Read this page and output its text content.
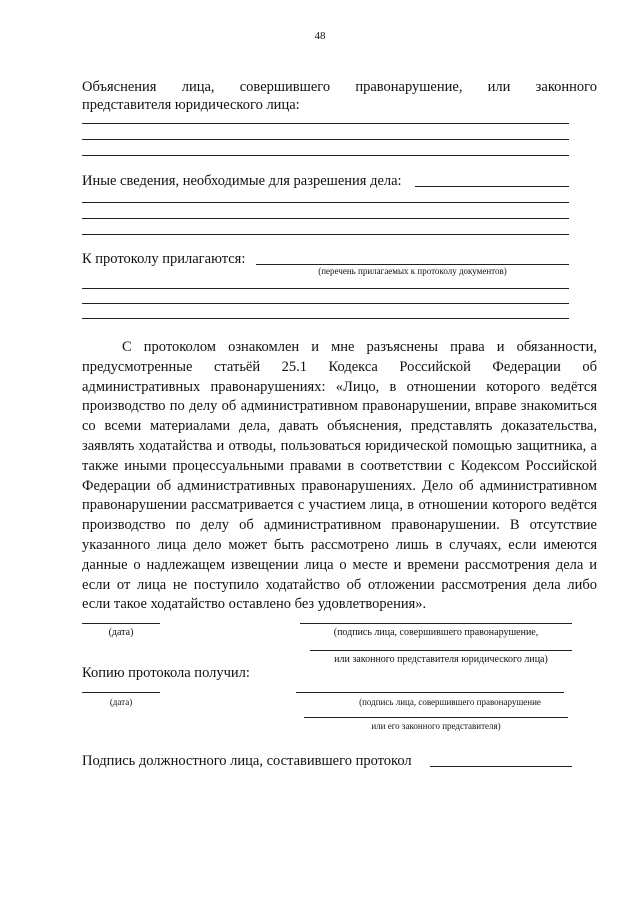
48
Объяснения лица, совершившего правонарушение, или законного
представителя юридического лица:
Иные сведения, необходимые для разрешения дела:
К протоколу прилагаются:
(перечень прилагаемых к протоколу документов)
С протоколом ознакомлен и мне разъяснены права и обязанности, предусмотренные статьёй 25.1 Кодекса Российской Федерации об административных правонарушениях: «Лицо, в отношении которого ведётся производство по делу об административном правонарушении, вправе знакомиться со всеми материалами дела, давать объяснения, представлять доказательства, заявлять ходатайства и отводы, пользоваться юридической помощью защитника, а также иными процессуальными правами в соответствии с Кодексом Российской Федерации об административных правонарушениях. Дело об административном правонарушении рассматривается с участием лица, в отношении которого ведётся производство по делу об административном правонарушении. В отсутствие указанного лица дело может быть рассмотрено лишь в случаях, если имеются данные о надлежащем извещении лица о месте и времени рассмотрения дела и если от лица не поступило ходатайство об отложении рассмотрения дела либо если такое ходатайство оставлено без удовлетворения».
(дата)	(подпись лица, совершившего правонарушение,
или законного представителя юридического лица)
Копию протокола получил:
(дата)	(подпись лица, совершившего правонарушение
или его законного представителя)
Подпись должностного лица, составившего протокол
